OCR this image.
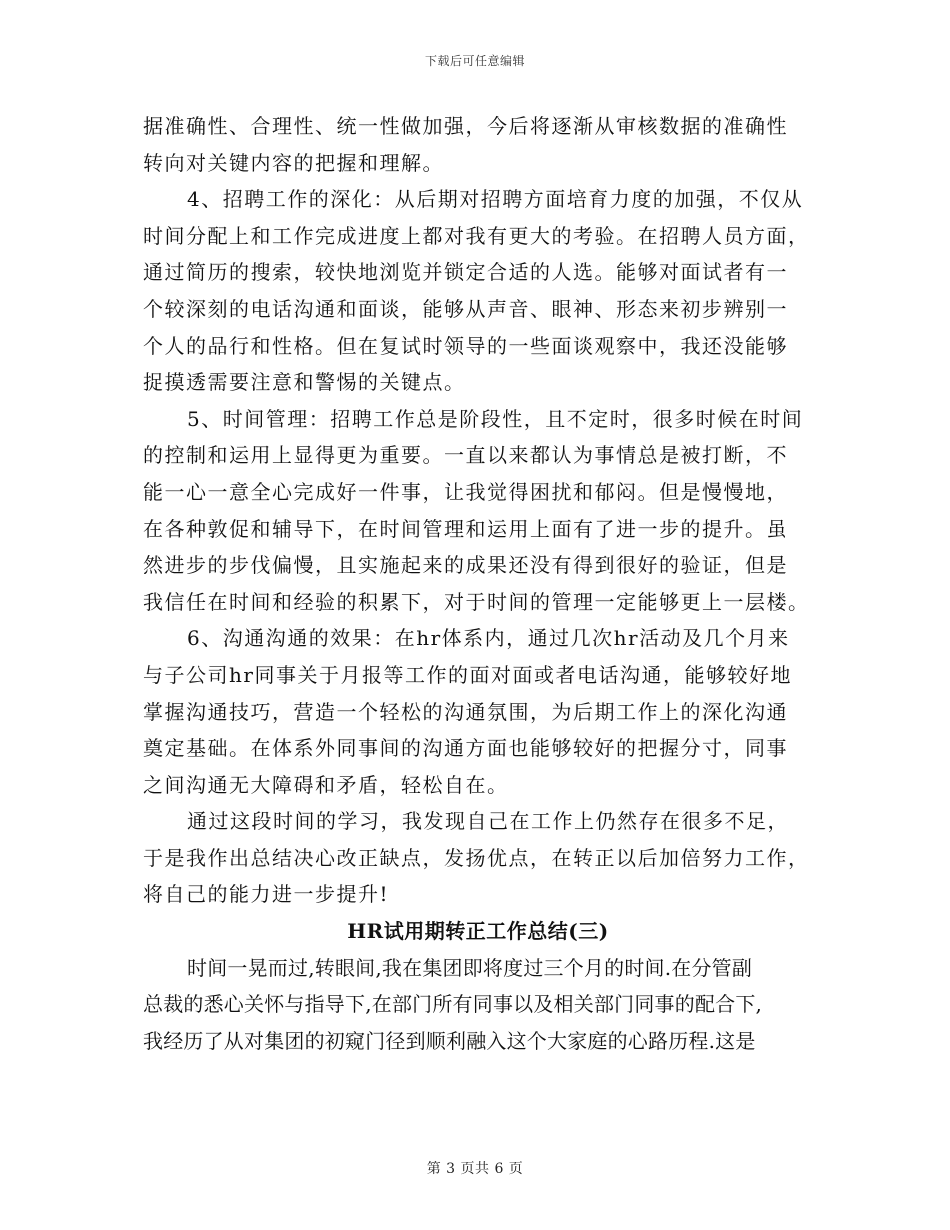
下载后可任意编辑
据准确性、合理性、统一性做加强，今后将逐渐从审核数据的准确性
转向对关键内容的把握和理解。
4、招聘工作的深化：从后期对招聘方面培育力度的加强，不仅从
时间分配上和工作完成进度上都对我有更大的考验。在招聘人员方面，
通过简历的搜索，较快地浏览并锁定合适的人选。能够对面试者有一
个较深刻的电话沟通和面谈，能够从声音、眼神、形态来初步辨别一
个人的品行和性格。但在复试时领导的一些面谈观察中，我还没能够
捉摸透需要注意和警惕的关键点。
5、时间管理：招聘工作总是阶段性，且不定时，很多时候在时间
的控制和运用上显得更为重要。一直以来都认为事情总是被打断，不
能一心一意全心完成好一件事，让我觉得困扰和郁闷。但是慢慢地，
在各种敦促和辅导下，在时间管理和运用上面有了进一步的提升。虽
然进步的步伐偏慢，且实施起来的成果还没有得到很好的验证，但是
我信任在时间和经验的积累下，对于时间的管理一定能够更上一层楼。
6、沟通沟通的效果：在hr体系内，通过几次hr活动及几个月来
与子公司hr同事关于月报等工作的面对面或者电话沟通，能够较好地
掌握沟通技巧，营造一个轻松的沟通氛围，为后期工作上的深化沟通
奠定基础。在体系外同事间的沟通方面也能够较好的把握分寸，同事
之间沟通无大障碍和矛盾，轻松自在。
通过这段时间的学习，我发现自己在工作上仍然存在很多不足，
于是我作出总结决心改正缺点，发扬优点，在转正以后加倍努力工作，
将自己的能力进一步提升!
HR试用期转正工作总结(三)
时间一晃而过,转眼间,我在集团即将度过三个月的时间.在分管副
总裁的悉心关怀与指导下,在部门所有同事以及相关部门同事的配合下,
我经历了从对集团的初窥门径到顺利融入这个大家庭的心路历程.这是
第 3 页共 6 页
